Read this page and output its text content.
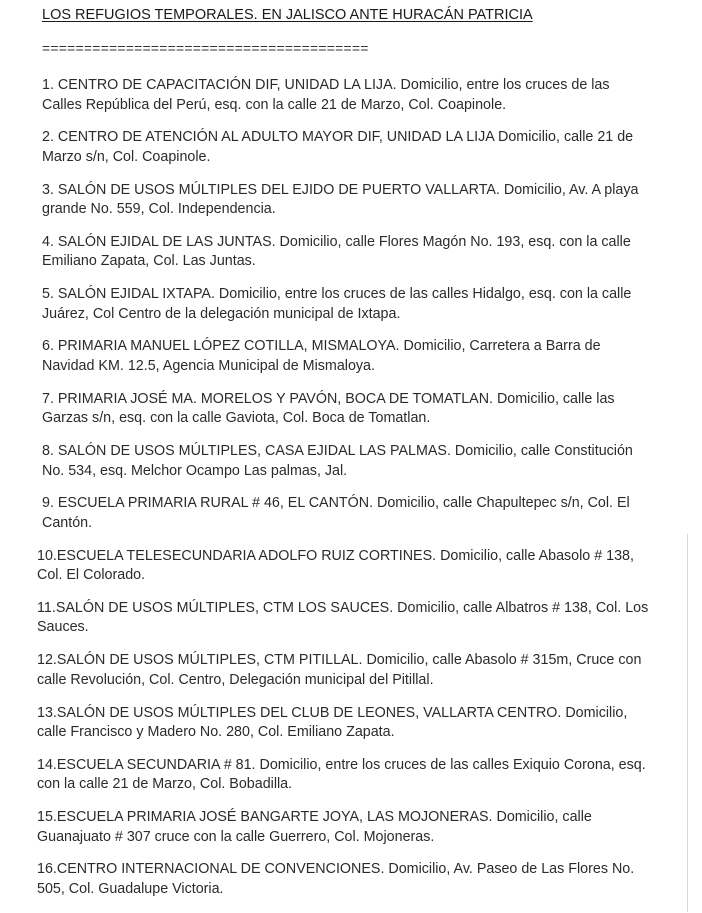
LOS REFUGIOS TEMPORALES. EN JALISCO ANTE HURACÁN PATRICIA
=======================================

1. CENTRO DE CAPACITACIÓN DIF, UNIDAD LA LIJA. Domicilio, entre los cruces de las Calles República del Perú, esq. con la calle 21 de Marzo, Col. Coapinole.

2. CENTRO DE ATENCIÓN AL ADULTO MAYOR DIF, UNIDAD LA LIJA Domicilio, calle 21 de Marzo s/n, Col. Coapinole.

3. SALÓN DE USOS MÚLTIPLES DEL EJIDO DE PUERTO VALLARTA. Domicilio, Av. A playa grande No. 559, Col. Independencia.

4. SALÓN EJIDAL DE LAS JUNTAS. Domicilio, calle Flores Magón No. 193, esq. con la calle Emiliano Zapata, Col. Las Juntas.

5. SALÓN EJIDAL IXTAPA. Domicilio, entre los cruces de las calles Hidalgo, esq. con la calle Juárez, Col Centro de la delegación municipal de Ixtapa.

6. PRIMARIA MANUEL LÓPEZ COTILLA, MISMALOYA. Domicilio, Carretera a Barra de Navidad KM. 12.5, Agencia Municipal de Mismaloya.

7. PRIMARIA JOSÉ MA. MORELOS Y PAVÓN, BOCA DE TOMATLAN. Domicilio, calle las Garzas s/n, esq. con la calle Gaviota, Col. Boca de Tomatlan.

8. SALÓN DE USOS MÚLTIPLES, CASA EJIDAL LAS PALMAS. Domicilio, calle Constitución No. 534, esq. Melchor Ocampo Las palmas, Jal.

9. ESCUELA PRIMARIA RURAL # 46, EL CANTÓN. Domicilio, calle Chapultepec s/n, Col. El Cantón.

10.ESCUELA TELESECUNDARIA ADOLFO RUIZ CORTINES. Domicilio, calle Abasolo # 138, Col. El Colorado.

11.SALÓN DE USOS MÚLTIPLES, CTM LOS SAUCES. Domicilio, calle Albatros # 138, Col. Los Sauces.

12.SALÓN DE USOS MÚLTIPLES, CTM PITILLAL. Domicilio, calle Abasolo # 315m, Cruce con calle Revolución, Col. Centro, Delegación municipal del Pitillal.

13.SALÓN DE USOS MÚLTIPLES DEL CLUB DE LEONES, VALLARTA CENTRO. Domicilio, calle Francisco y Madero No. 280, Col. Emiliano Zapata.

14.ESCUELA SECUNDARIA # 81. Domicilio, entre los cruces de las calles Exiquio Corona, esq. con la calle 21 de Marzo, Col. Bobadilla.

15.ESCUELA PRIMARIA JOSÉ BANGARTE JOYA, LAS MOJONERAS. Domicilio, calle Guanajuato # 307 cruce con la calle Guerrero, Col. Mojoneras.

16.CENTRO INTERNACIONAL DE CONVENCIONES. Domicilio, Av. Paseo de Las Flores No. 505, Col. Guadalupe Victoria.
